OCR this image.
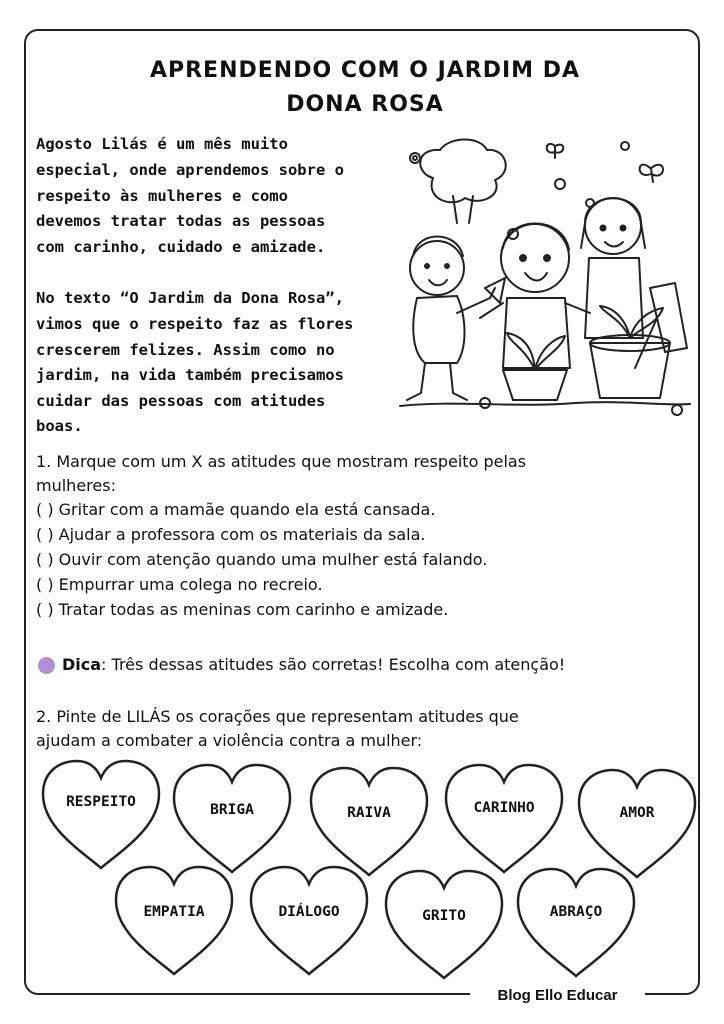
APRENDENDO COM O JARDIM DA
DONA ROSA
Agosto Lilás é um mês muito
especial, onde aprendemos sobre o
respeito às mulheres e como
devemos tratar todas as pessoas
com carinho, cuidado e amizade.
No texto “O Jardim da Dona Rosa”,
vimos que o respeito faz as flores
crescerem felizes. Assim como no
jardim, na vida também precisamos
cuidar das pessoas com atitudes
boas.
1. Marque com um X as atitudes que mostram respeito pelas
mulheres:
( ) Gritar com a mamãe quando ela está cansada.
( ) Ajudar a professora com os materiais da sala.
( ) Ouvir com atenção quando uma mulher está falando.
( ) Empurrar uma colega no recreio.
( ) Tratar todas as meninas com carinho e amizade.
Dica: Três dessas atitudes são corretas! Escolha com atenção!
2. Pinte de LILÁS os corações que representam atitudes que
ajudam a combater a violência contra a mulher:
RESPEITO	BRIGA	RAIVA	CARINHO	AMOR
EMPATIA	DIÁLOGO	GRITO	ABRAÇO
Blog Ello Educar
